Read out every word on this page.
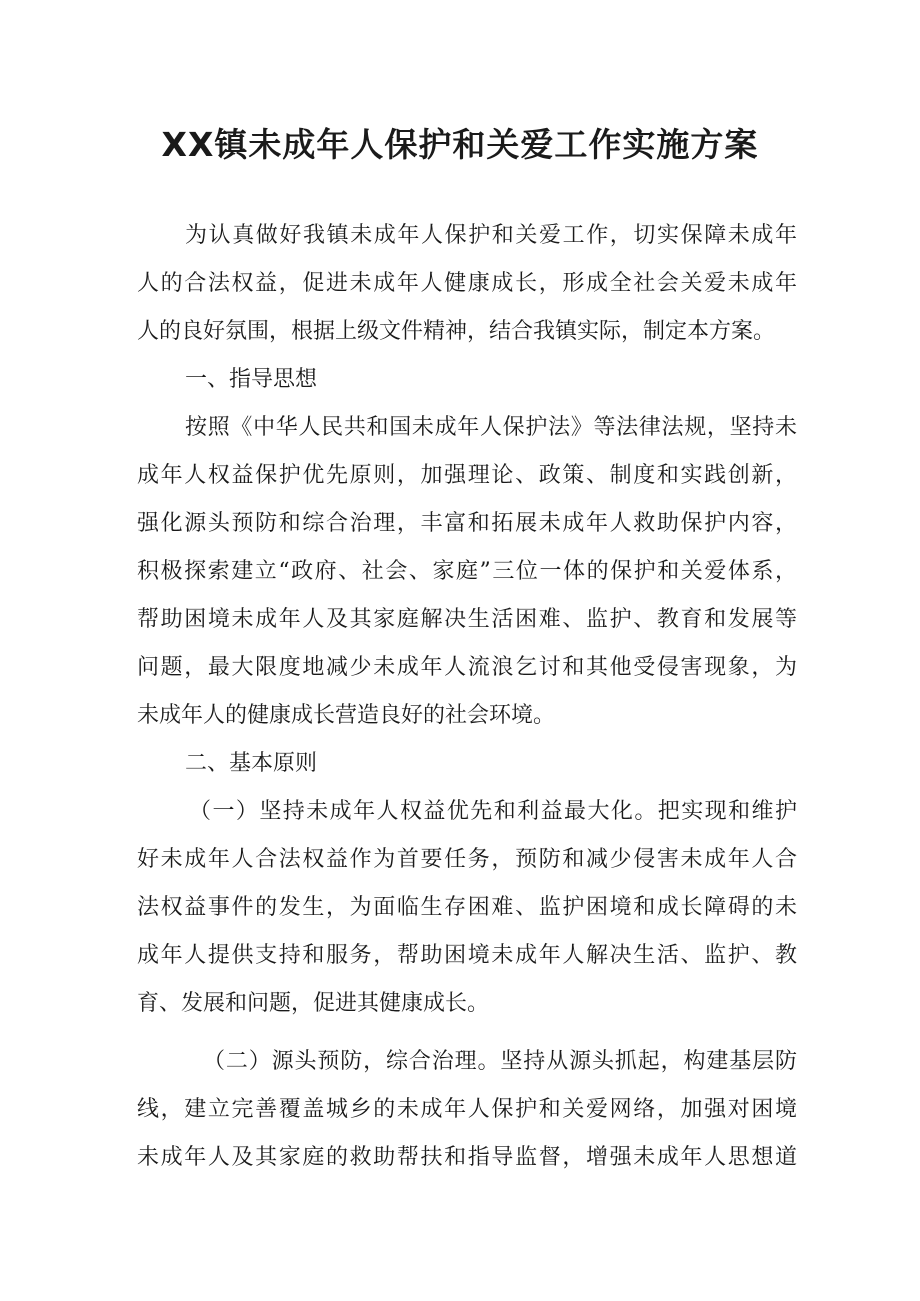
XX镇未成年人保护和关爱工作实施方案
为认真做好我镇未成年人保护和关爱工作，切实保障未成年
人的合法权益，促进未成年人健康成长，形成全社会关爱未成年
人的良好氛围，根据上级文件精神，结合我镇实际，制定本方案。
一、指导思想
按照《中华人民共和国未成年人保护法》等法律法规，坚持未
成年人权益保护优先原则，加强理论、政策、制度和实践创新，
强化源头预防和综合治理，丰富和拓展未成年人救助保护内容，
积极探索建立“政府、社会、家庭”三位一体的保护和关爱体系，
帮助困境未成年人及其家庭解决生活困难、监护、教育和发展等
问题，最大限度地减少未成年人流浪乞讨和其他受侵害现象，为
未成年人的健康成长营造良好的社会环境。
二、基本原则
（一）坚持未成年人权益优先和利益最大化。把实现和维护
好未成年人合法权益作为首要任务，预防和减少侵害未成年人合
法权益事件的发生，为面临生存困难、监护困境和成长障碍的未
成年人提供支持和服务，帮助困境未成年人解决生活、监护、教
育、发展和问题，促进其健康成长。
（二）源头预防，综合治理。坚持从源头抓起，构建基层防
线，建立完善覆盖城乡的未成年人保护和关爱网络，加强对困境
未成年人及其家庭的救助帮扶和指导监督，增强未成年人思想道
